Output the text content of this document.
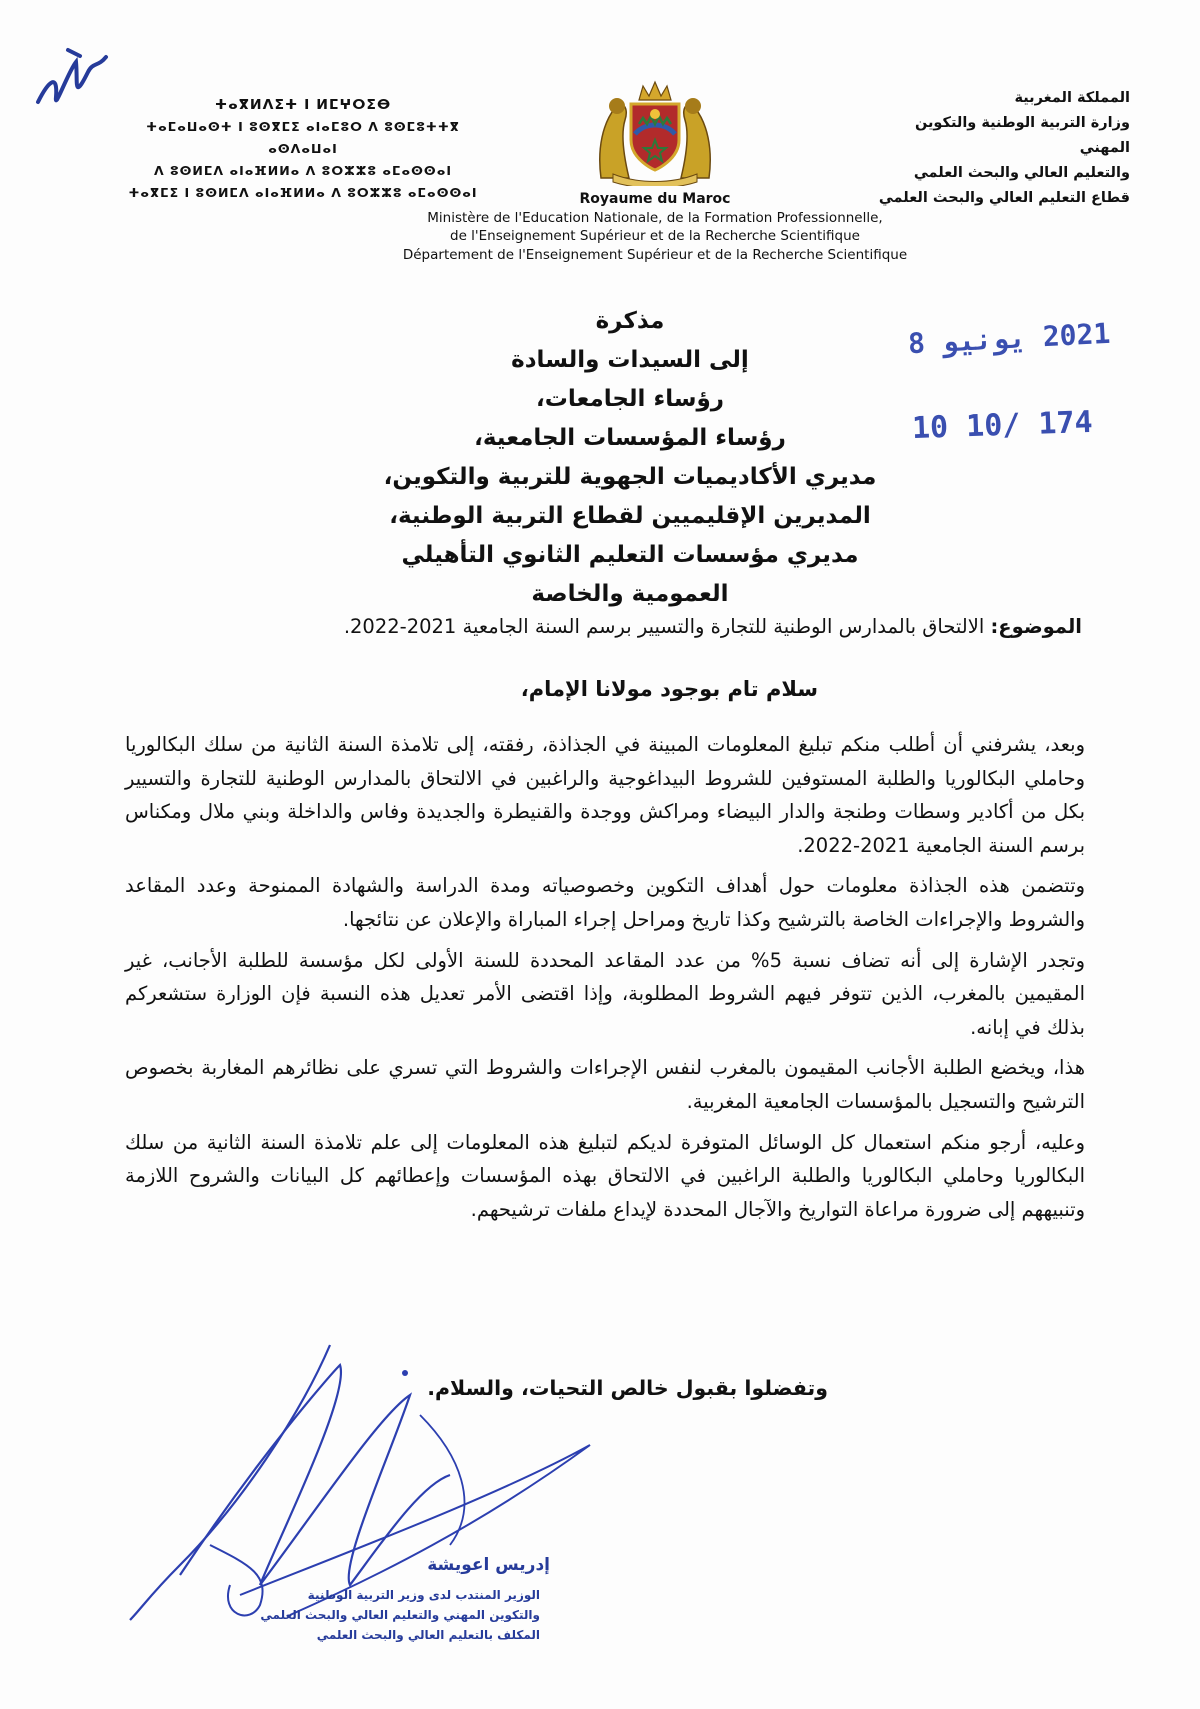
المملكة المغربية
وزارة التربية الوطنية والتكوين المهني
والتعليم العالي والبحث العلمي
قطاع التعليم العالي والبحث العلمي
ⵜⴰⴳⵍⴷⵉⵜ ⵏ ⵍⵎⵖⵔⵉⴱ
ⵜⴰⵎⴰⵡⴰⵙⵜ ⵏ ⵓⵙⴳⵎⵉ ⴰⵏⴰⵎⵓⵔ ⴷ ⵓⵙⵎⵓⵜⵜⴳ ⴰⵙⴷⴰⵡⴰⵏ
ⴷ ⵓⵙⵍⵎⴷ ⴰⵏⴰⴼⵍⵍⴰ ⴷ ⵓⵔⵣⵣⵓ ⴰⵎⴰⵙⵙⴰⵏ
ⵜⴰⴳⵎⵉ ⵏ ⵓⵙⵍⵎⴷ ⴰⵏⴰⴼⵍⵍⴰ ⴷ ⵓⵔⵣⵣⵓ ⴰⵎⴰⵙⵙⴰⵏ	Royaume du Maroc
Ministère de l'Education Nationale, de la Formation Professionnelle,
de l'Enseignement Supérieur et de la Recherche Scientifique
Département de l'Enseignement Supérieur et de la Recherche Scientifique
2021 يونيو 8
10 10/ 174
مذكرة
إلى السيدات والسادة
رؤساء الجامعات،
رؤساء المؤسسات الجامعية،
مديري الأكاديميات الجهوية للتربية والتكوين،
المديرين الإقليميين لقطاع التربية الوطنية،
مديري مؤسسات التعليم الثانوي التأهيلي العمومية والخاصة
الموضوع: الالتحاق بالمدارس الوطنية للتجارة والتسيير برسم السنة الجامعية 2021-2022.
سلام تام بوجود مولانا الإمام،

وبعد، يشرفني أن أطلب منكم تبليغ المعلومات المبينة في الجذاذة، رفقته، إلى تلامذة السنة الثانية من سلك البكالوريا وحاملي البكالوريا والطلبة المستوفين للشروط البيداغوجية والراغبين في الالتحاق بالمدارس الوطنية للتجارة والتسيير بكل من أكادير وسطات وطنجة والدار البيضاء ومراكش ووجدة والقنيطرة والجديدة وفاس والداخلة وبني ملال ومكناس برسم السنة الجامعية 2021-2022.

وتتضمن هذه الجذاذة معلومات حول أهداف التكوين وخصوصياته ومدة الدراسة والشهادة الممنوحة وعدد المقاعد والشروط والإجراءات الخاصة بالترشيح وكذا تاريخ ومراحل إجراء المباراة والإعلان عن نتائجها.

وتجدر الإشارة إلى أنه تضاف نسبة 5% من عدد المقاعد المحددة للسنة الأولى لكل مؤسسة للطلبة الأجانب، غير المقيمين بالمغرب، الذين تتوفر فيهم الشروط المطلوبة، وإذا اقتضى الأمر تعديل هذه النسبة فإن الوزارة ستشعركم بذلك في إبانه.

هذا، ويخضع الطلبة الأجانب المقيمون بالمغرب لنفس الإجراءات والشروط التي تسري على نظائرهم المغاربة بخصوص الترشيح والتسجيل بالمؤسسات الجامعية المغربية.

وعليه، أرجو منكم استعمال كل الوسائل المتوفرة لديكم لتبليغ هذه المعلومات إلى علم تلامذة السنة الثانية من سلك البكالوريا وحاملي البكالوريا والطلبة الراغبين في الالتحاق بهذه المؤسسات وإعطائهم كل البيانات والشروح اللازمة وتنبيههم إلى ضرورة مراعاة التواريخ والآجال المحددة لإيداع ملفات ترشيحهم.

وتفضلوا بقبول خالص التحيات، والسلام.
إدريس اعويشة
الوزير المنتدب لدى وزير التربية الوطنية
والتكوين المهني والتعليم العالي والبحث العلمي
المكلف بالتعليم العالي والبحث العلمي
